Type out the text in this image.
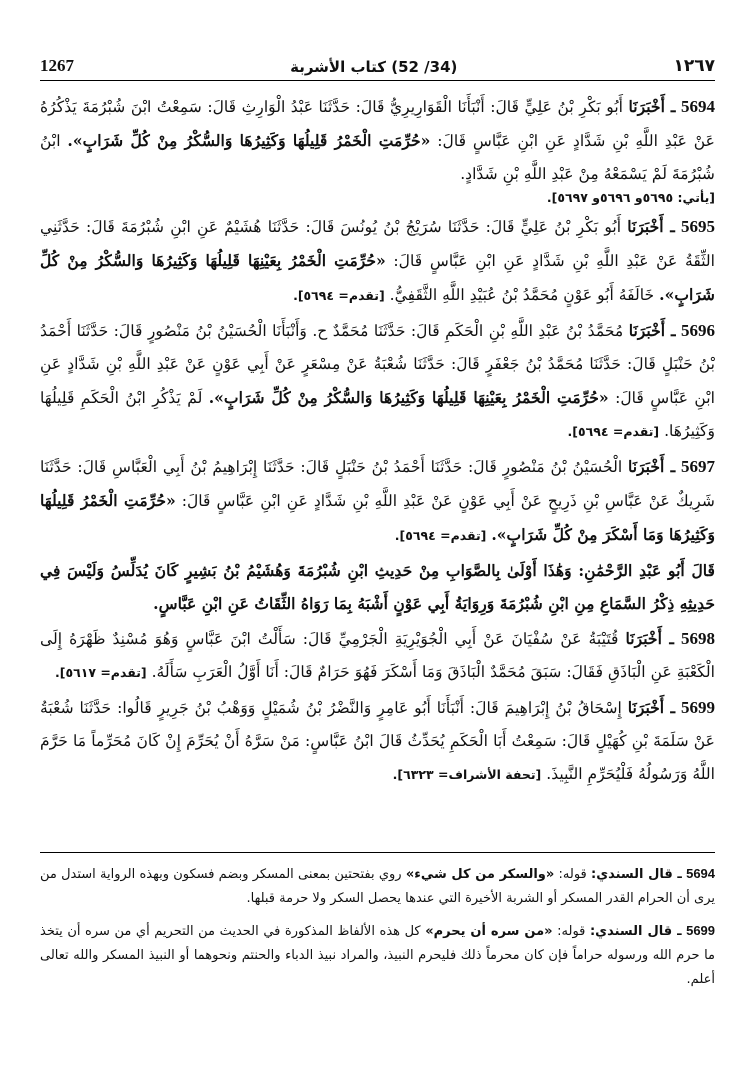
1267	(34/ 52) كتاب الأشربة	١٢٦٧

5694 ـ أَخْبَرَنَا أَبُو بَكْرِ بْنُ عَلِيٍّ قَالَ: أَنْبَأَنَا الْقَوَارِيرِيُّ قَالَ: حَدَّثَنَا عَبْدُ الْوَارِثِ قَالَ: سَمِعْتُ ابْنَ شُبْرُمَةَ يَذْكُرُهُ عَنْ عَبْدِ اللَّهِ بْنِ شَدَّادٍ عَنِ ابْنِ عَبَّاسٍ قَالَ: «حُرِّمَتِ الْخَمْرُ قَلِيلُهَا وَكَثِيرُهَا وَالسُّكْرُ مِنْ كُلِّ شَرَابٍ». ابْنُ شُبْرُمَةَ لَمْ يَسْمَعْهُ مِنْ عَبْدِ اللَّهِ بْنِ شَدَّادٍ.

[يأتي: ٥٦٩٥و ٥٦٩٦و ٥٦٩٧].

5695 ـ أَخْبَرَنَا أَبُو بَكْرِ بْنُ عَلِيٍّ قَالَ: حَدَّثَنَا سُرَيْجُ بْنُ يُونُسَ قَالَ: حَدَّثَنَا هُشَيْمٌ عَنِ ابْنِ شُبْرُمَةَ قَالَ: حَدَّثَنِي الثِّقَةُ عَنْ عَبْدِ اللَّهِ بْنِ شَدَّادٍ عَنِ ابْنِ عَبَّاسٍ قَالَ: «حُرِّمَتِ الْخَمْرُ بِعَيْنِهَا قَلِيلُهَا وَكَثِيرُهَا وَالسُّكْرُ مِنْ كُلِّ شَرَابٍ». خَالَفَهُ أَبُو عَوْنٍ مُحَمَّدُ بْنُ عُبَيْدِ اللَّهِ الثَّقَفِيُّ. [تقدم= ٥٦٩٤].

5696 ـ أَخْبَرَنَا مُحَمَّدُ بْنُ عَبْدِ اللَّهِ بْنِ الْحَكَمِ قَالَ: حَدَّثَنَا مُحَمَّدٌ ح. وَأَنْبَأَنَا الْحُسَيْنُ بْنُ مَنْصُورٍ قَالَ: حَدَّثَنَا أَحْمَدُ بْنُ حَنْبَلٍ قَالَ: حَدَّثَنَا مُحَمَّدُ بْنُ جَعْفَرٍ قَالَ: حَدَّثَنَا شُعْبَةُ عَنْ مِسْعَرٍ عَنْ أَبِي عَوْنٍ عَنْ عَبْدِ اللَّهِ بْنِ شَدَّادٍ عَنِ ابْنِ عَبَّاسٍ قَالَ: «حُرِّمَتِ الْخَمْرُ بِعَيْنِهَا قَلِيلُهَا وَكَثِيرُهَا وَالسُّكْرُ مِنْ كُلِّ شَرَابٍ». لَمْ يَذْكُرِ ابْنُ الْحَكَمِ قَلِيلُهَا وَكَثِيرُهَا. [تقدم= ٥٦٩٤].

5697 ـ أَخْبَرَنَا الْحُسَيْنُ بْنُ مَنْصُورٍ قَالَ: حَدَّثَنَا أَحْمَدُ بْنُ حَنْبَلٍ قَالَ: حَدَّثَنَا إِبْرَاهِيمُ بْنُ أَبِي الْعَبَّاسِ قَالَ: حَدَّثَنَا شَرِيكٌ عَنْ عَبَّاسِ بْنِ ذَرِيحٍ عَنْ أَبِي عَوْنٍ عَنْ عَبْدِ اللَّهِ بْنِ شَدَّادٍ عَنِ ابْنِ عَبَّاسٍ قَالَ: «حُرِّمَتِ الْخَمْرُ قَلِيلُهَا وَكَثِيرُهَا وَمَا أَسْكَرَ مِنْ كُلِّ شَرَابٍ». [تقدم= ٥٦٩٤].

قَالَ أَبُو عَبْدِ الرَّحْمَٰنِ: وَهَٰذَا أَوْلَىٰ بِالصَّوَابِ مِنْ حَدِيثِ ابْنِ شُبْرُمَةَ وَهُشَيْمُ بْنُ بَشِيرٍ كَانَ يُدَلِّسُ وَلَيْسَ فِي حَدِيثِهِ ذِكْرُ السَّمَاعِ مِنِ ابْنِ شُبْرُمَةَ وَرِوَايَةُ أَبِي عَوْنٍ أَشْبَهُ بِمَا رَوَاهُ الثِّقَاتُ عَنِ ابْنِ عَبَّاسٍ.

5698 ـ أَخْبَرَنَا قُتَيْبَةُ عَنْ سُفْيَانَ عَنْ أَبِي الْجُوَيْرِيَةِ الْجَرْمِيِّ قَالَ: سَأَلْتُ ابْنَ عَبَّاسٍ وَهُوَ مُسْنِدٌ ظَهْرَهُ إِلَى الْكَعْبَةِ عَنِ الْبَاذَقِ فَقَالَ: سَبَقَ مُحَمَّدٌ الْبَاذَقَ وَمَا أَسْكَرَ فَهُوَ حَرَامٌ قَالَ: أَنَا أَوَّلُ الْعَرَبِ سَأَلَهُ. [تقدم= ٥٦١٧].

5699 ـ أَخْبَرَنَا إِسْحَاقُ بْنُ إِبْرَاهِيمَ قَالَ: أَنْبَأَنَا أَبُو عَامِرٍ وَالنَّضْرُ بْنُ شُمَيْلٍ وَوَهْبُ بْنُ جَرِيرٍ قَالُوا: حَدَّثَنَا شُعْبَةُ عَنْ سَلَمَةَ بْنِ كُهَيْلٍ قَالَ: سَمِعْتُ أَبَا الْحَكَمِ يُحَدِّثُ قَالَ ابْنُ عَبَّاسٍ: مَنْ سَرَّهُ أَنْ يُحَرِّمَ إِنْ كَانَ مُحَرِّماً مَا حَرَّمَ اللَّهُ وَرَسُولُهُ فَلْيُحَرِّمِ النَّبِيذَ. [تحفة الأشراف= ٦٣٢٣].

5694 ـ قال السندي: قوله: «والسكر من كل شيء» روي بفتحتين بمعنى المسكر وبضم فسكون وبهذه الرواية استدل من يرى أن الحرام القدر المسكر أو الشربة الأخيرة التي عندها يحصل السكر ولا حرمة قبلها.

5699 ـ قال السندي: قوله: «من سره أن يحرم» كل هذه الألفاظ المذكورة في الحديث من التحريم أي من سره أن يتخذ ما حرم الله ورسوله حراماً فإن كان محرماً ذلك فليحرم النبيذ، والمراد نبيذ الدباء والحنتم ونحوهما أو النبيذ المسكر والله تعالى أعلم.
